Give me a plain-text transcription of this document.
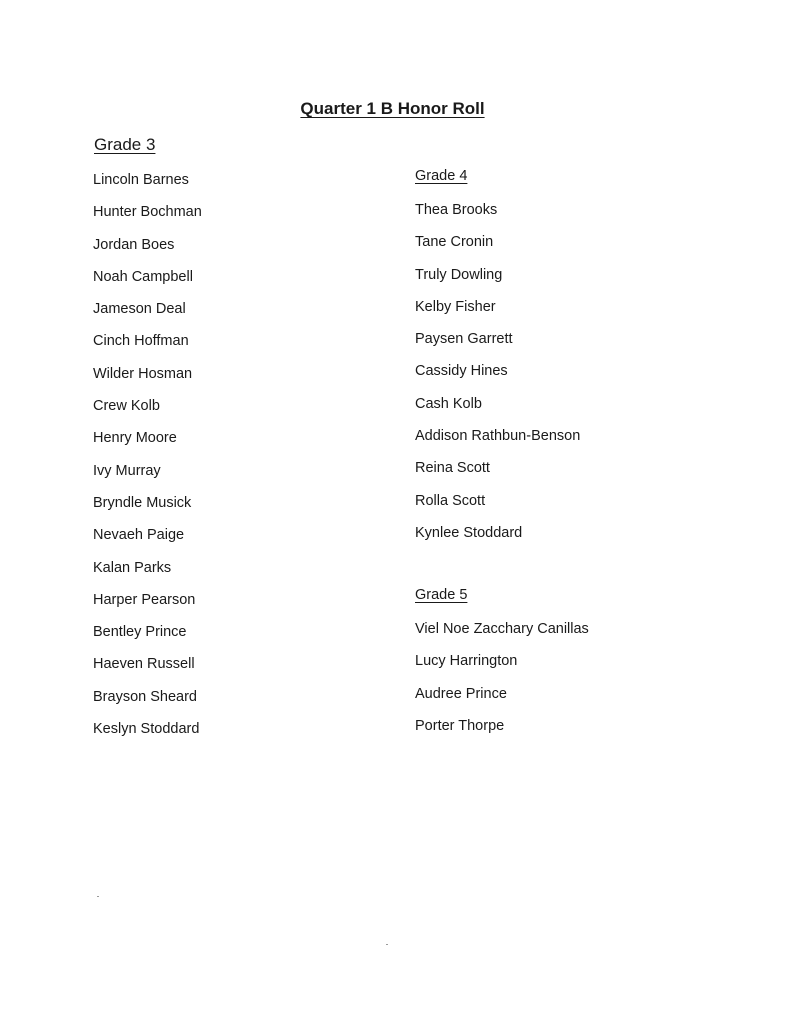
Quarter 1 B Honor Roll
Grade 3
Lincoln Barnes
Hunter Bochman
Jordan Boes
Noah Campbell
Jameson Deal
Cinch Hoffman
Wilder Hosman
Crew Kolb
Henry Moore
Ivy Murray
Bryndle Musick
Nevaeh Paige
Kalan Parks
Harper Pearson
Bentley Prince
Haeven Russell
Brayson Sheard
Keslyn Stoddard
Grade 4
Thea Brooks
Tane Cronin
Truly Dowling
Kelby Fisher
Paysen Garrett
Cassidy Hines
Cash Kolb
Addison Rathbun-Benson
Reina Scott
Rolla Scott
Kynlee Stoddard
Grade 5
Viel Noe Zacchary Canillas
Lucy Harrington
Audree Prince
Porter Thorpe
